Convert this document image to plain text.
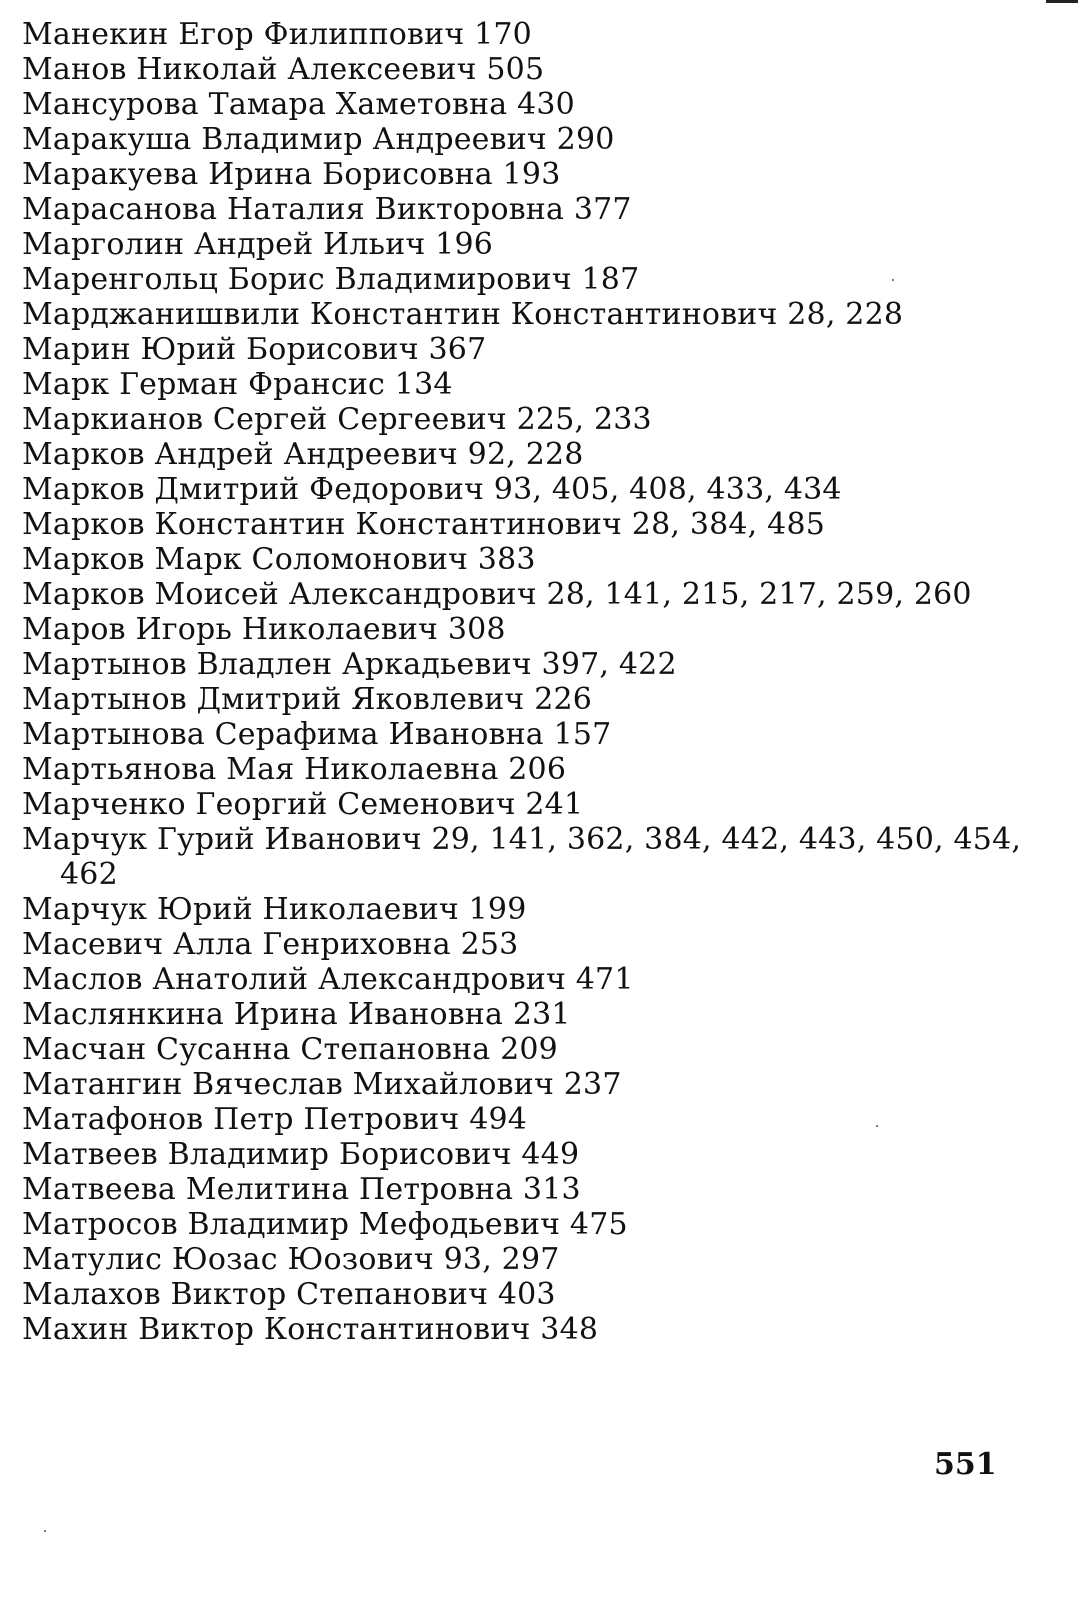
Манекин Егор Филиппович 170
Манов Николай Алексеевич 505
Мансурова Тамара Хаметовна 430
Маракуша Владимир Андреевич 290
Маракуева Ирина Борисовна 193
Марасанова Наталия Викторовна 377
Марголин Андрей Ильич 196
Маренгольц Борис Владимирович 187
Марджанишвили Константин Константинович 28, 228
Марин Юрий Борисович 367
Марк Герман Франсис 134
Маркианов Сергей Сергеевич 225, 233
Марков Андрей Андреевич 92, 228
Марков Дмитрий Федорович 93, 405, 408, 433, 434
Марков Константин Константинович 28, 384, 485
Марков Марк Соломонович 383
Марков Моисей Александрович 28, 141, 215, 217, 259, 260
Маров Игорь Николаевич 308
Мартынов Владлен Аркадьевич 397, 422
Мартынов Дмитрий Яковлевич 226
Мартынова Серафима Ивановна 157
Мартьянова Мая Николаевна 206
Марченко Георгий Семенович 241
Марчук Гурий Иванович 29, 141, 362, 384, 442, 443, 450, 454, 462
Марчук Юрий Николаевич 199
Масевич Алла Генриховна 253
Маслов Анатолий Александрович 471
Маслянкина Ирина Ивановна 231
Масчан Сусанна Степановна 209
Матангин Вячеслав Михайлович 237
Матафонов Петр Петрович 494
Матвеев Владимир Борисович 449
Матвеева Мелитина Петровна 313
Матросов Владимир Мефодьевич 475
Матулис Юозас Юозович 93, 297
Малахов Виктор Степанович 403
Махин Виктор Константинович 348
551
